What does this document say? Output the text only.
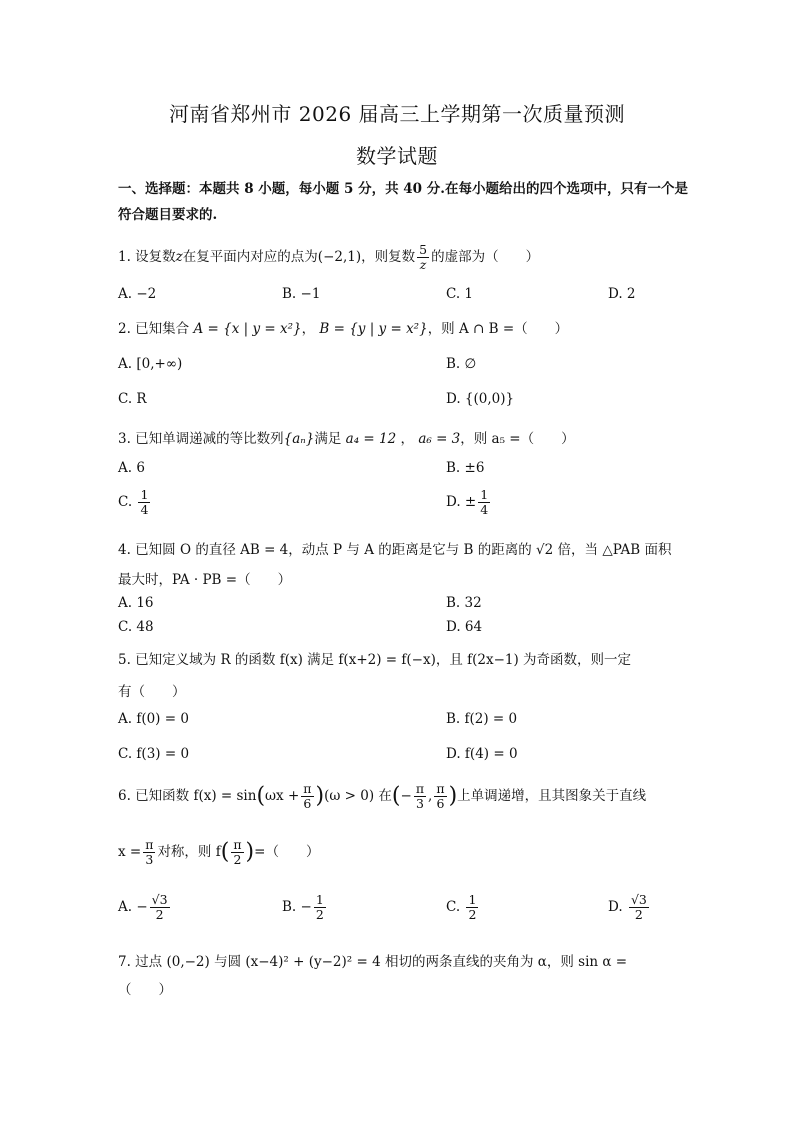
河南省郑州市 2026 届高三上学期第一次质量预测
数学试题
一、选择题：本题共 8 小题，每小题 5 分，共 40 分.在每小题给出的四个选项中，只有一个是符合题目要求的.
1. 设复数z在复平面内对应的点为(−2,1)，则复数 $\frac{5}{z}$ 的虚部为（　　）
A. −2	B. −1	C. 1	D. 2
2. 已知集合 A = {x | y = x²}， B = {y | y = x²}，则 A ∩ B =（　　）
A. [0,+∞)	B. ∅
C. R	D. {(0,0)}
3. 已知单调递减的等比数列{aₙ}满足 a₄ = 12 ， a₆ = 3，则 a₅ =（　　）
A. 6	B. ±6
C. $\frac{1}{4}$	D. ± $\frac{1}{4}$
4. 已知圆 O 的直径 AB = 4，动点 P 与 A 的距离是它与 B 的距离的 √2 倍，当 △PAB 面积
最大时，PA · PB =（　　）
A. 16	B. 32
C. 48	D. 64
5. 已知定义域为 R 的函数 f(x) 满足 f(x+2) = f(−x)，且 f(2x−1) 为奇函数，则一定
有（　　）
A. f(0) = 0	B. f(2) = 0
C. f(3) = 0	D. f(4) = 0
6. 已知函数 $f(x) = \sin(\omega x + \frac{\pi}{6} )(\omega > 0)$ 在(− $\frac{\pi}{3}$ , $\frac{\pi}{6}$ )上单调递增，且其图象关于直线
$x = \frac{\pi}{3}$ 对称，则 $f( \frac{\pi}{2}$ )=（　　）
A. − $\frac{√3}{2}$	B. − $\frac{1}{2}$	C. $\frac{1}{2}$	D. $\frac{√3}{2}$
7. 过点 (0,−2) 与圆 (x−4)² + (y−2)² = 4 相切的两条直线的夹角为 α，则 sin α =
（　　）
